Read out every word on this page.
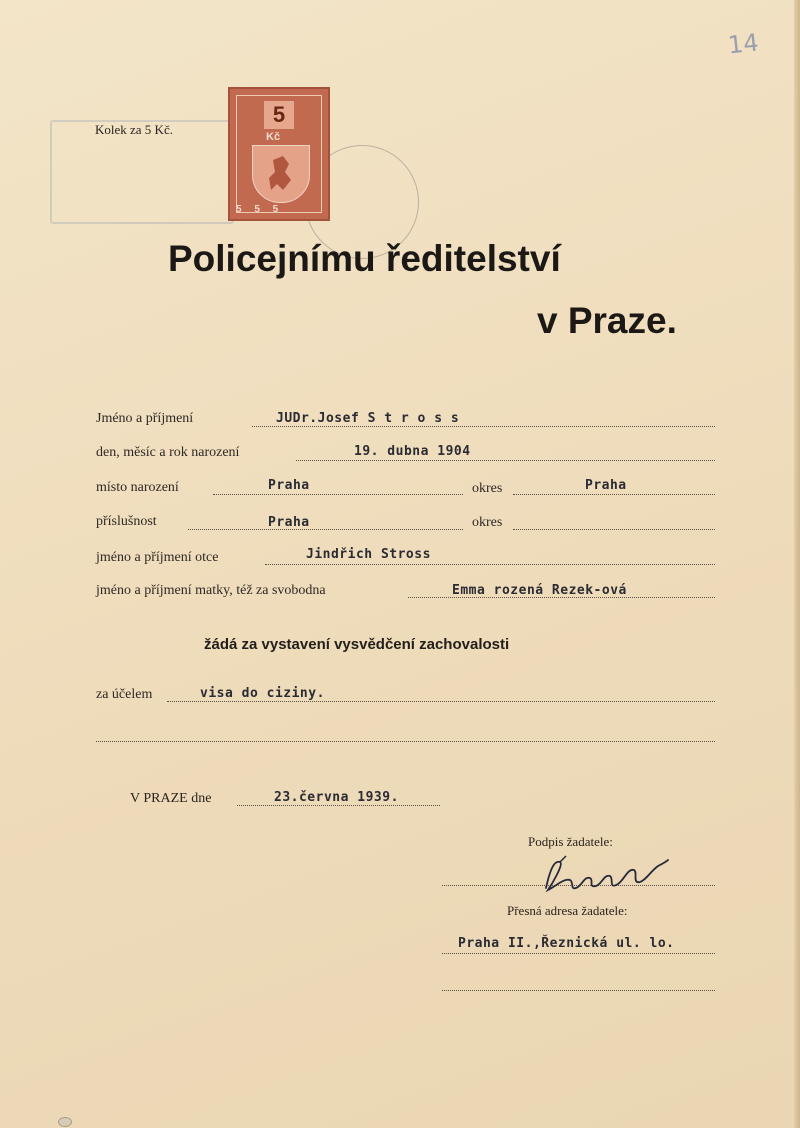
14
Kolek za 5 Kč.
5
Kč
5 5 5
Policejnímu ředitelství
v Praze.
Jméno a příjmení	JUDr.Josef S t r o s s
den, měsíc a rok narození	19. dubna 1904
místo narození	Praha	okres	Praha
příslušnost	Praha	okres
jméno a příjmení otce	Jindřich Stross
jméno a příjmení matky, též za svobodna	Emma rozená Rezek-ová
žádá za vystavení vysvědčení zachovalosti
za účelem	visa do ciziny.
V PRAZE dne	23.června 1939.
Podpis žadatele:
Přesná adresa žadatele:
Praha II.,Řeznická ul. lo.
